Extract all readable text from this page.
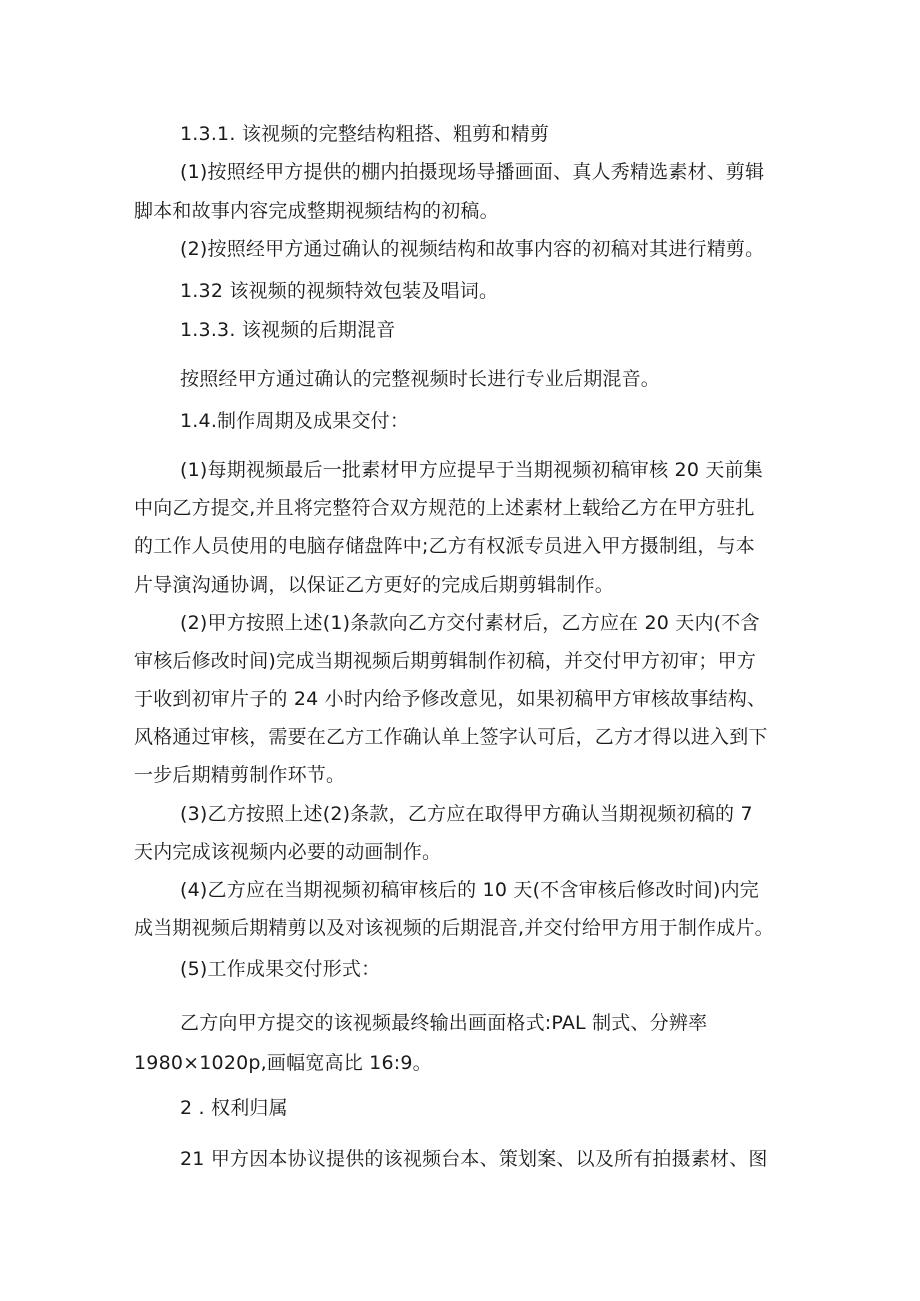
1.3.1. 该视频的完整结构粗搭、粗剪和精剪
(1)按照经甲方提供的棚内拍摄现场导播画面、真人秀精选素材、剪辑
脚本和故事内容完成整期视频结构的初稿。
(2)按照经甲方通过确认的视频结构和故事内容的初稿对其进行精剪。
1.32 该视频的视频特效包装及唱词。
1.3.3. 该视频的后期混音
按照经甲方通过确认的完整视频时长进行专业后期混音。
1.4.制作周期及成果交付：
(1)每期视频最后一批素材甲方应提早于当期视频初稿审核 20 天前集
中向乙方提交,并且将完整符合双方规范的上述素材上载给乙方在甲方驻扎
的工作人员使用的电脑存储盘阵中;乙方有权派专员进入甲方摄制组，与本
片导演沟通协调，以保证乙方更好的完成后期剪辑制作。
(2)甲方按照上述(1)条款向乙方交付素材后，乙方应在 20 天内(不含
审核后修改时间)完成当期视频后期剪辑制作初稿，并交付甲方初审；甲方
于收到初审片子的 24 小时内给予修改意见，如果初稿甲方审核故事结构、
风格通过审核，需要在乙方工作确认单上签字认可后，乙方才得以进入到下
一步后期精剪制作环节。
(3)乙方按照上述(2)条款，乙方应在取得甲方确认当期视频初稿的 7
天内完成该视频内必要的动画制作。
(4)乙方应在当期视频初稿审核后的 10 天(不含审核后修改时间)内完
成当期视频后期精剪以及对该视频的后期混音,并交付给甲方用于制作成片。
(5)工作成果交付形式：
乙方向甲方提交的该视频最终输出画面格式:PAL 制式、分辨率
1980×1020p,画幅宽高比 16:9。
2 . 权利归属
21 甲方因本协议提供的该视频台本、策划案、以及所有拍摄素材、图
